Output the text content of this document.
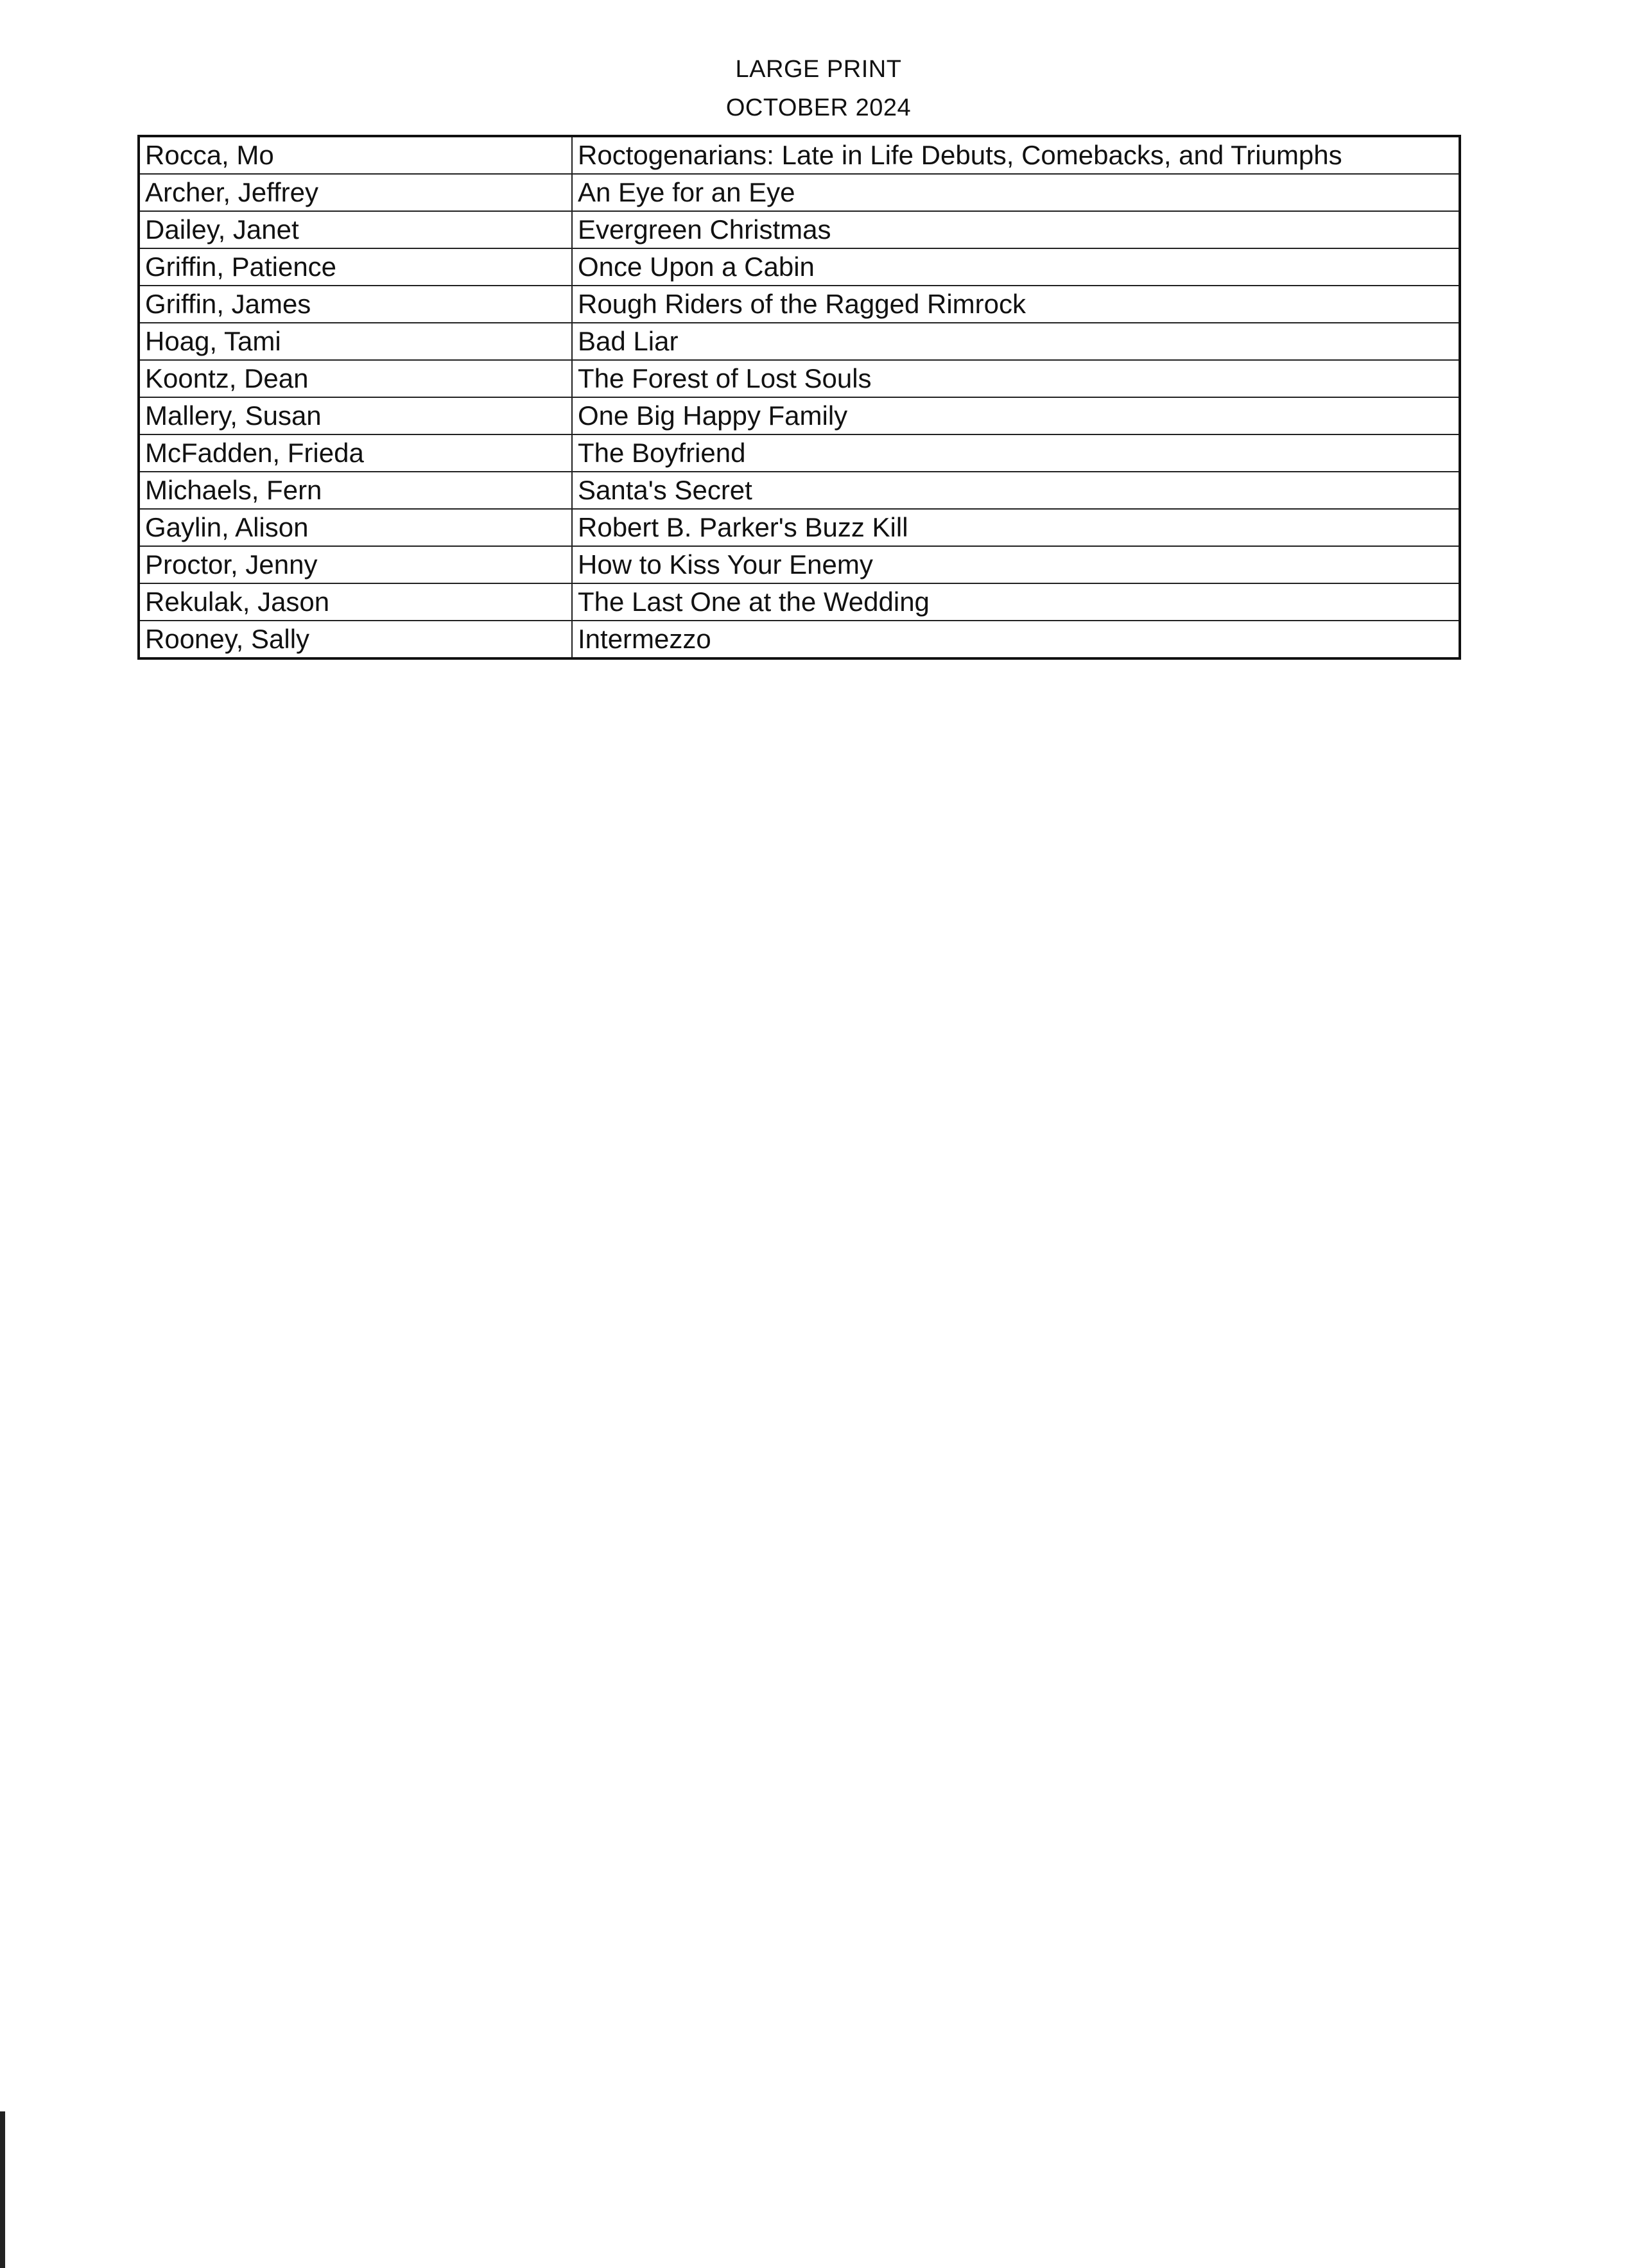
LARGE PRINT
OCTOBER 2024
Rocca, Mo	Roctogenarians: Late in Life Debuts, Comebacks, and Triumphs
Archer, Jeffrey	An Eye for an Eye
Dailey, Janet	Evergreen Christmas
Griffin, Patience	Once Upon a Cabin
Griffin, James	Rough Riders of the Ragged Rimrock
Hoag, Tami	Bad Liar
Koontz, Dean	The Forest of Lost Souls
Mallery, Susan	One Big Happy Family
McFadden, Frieda	The Boyfriend
Michaels, Fern	Santa's Secret
Gaylin, Alison	Robert B. Parker's Buzz Kill
Proctor, Jenny	How to Kiss Your Enemy
Rekulak, Jason	The Last One at the Wedding
Rooney, Sally	Intermezzo
